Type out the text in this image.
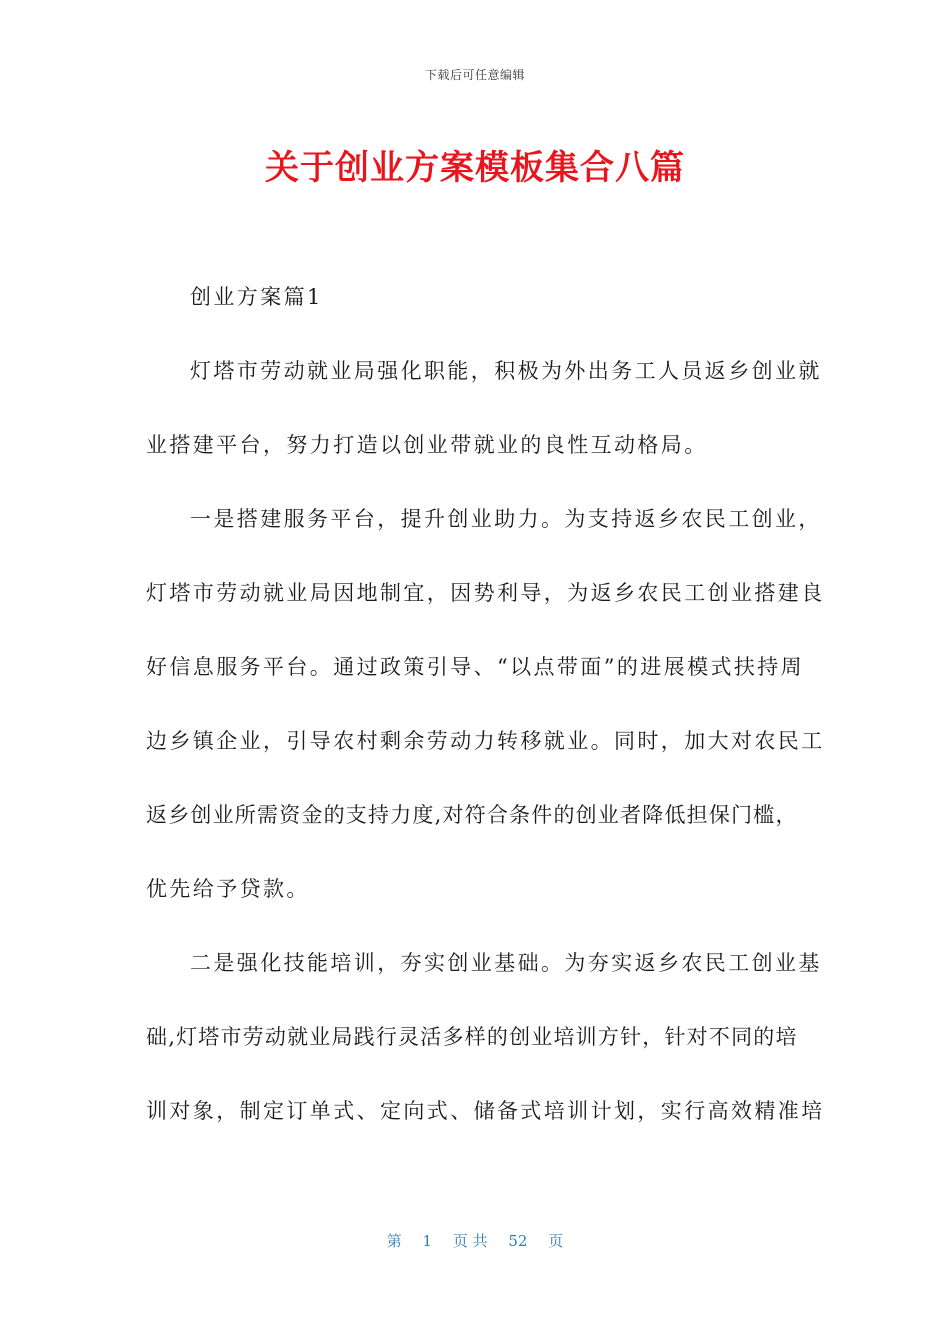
下载后可任意编辑
关于创业方案模板集合八篇
创业方案篇1
灯塔市劳动就业局强化职能，积极为外出务工人员返乡创业就
业搭建平台，努力打造以创业带就业的良性互动格局。
一是搭建服务平台，提升创业助力。为支持返乡农民工创业，
灯塔市劳动就业局因地制宜，因势利导，为返乡农民工创业搭建良
好信息服务平台。通过政策引导、“以点带面”的进展模式扶持周
边乡镇企业，引导农村剩余劳动力转移就业。同时，加大对农民工
返乡创业所需资金的支持力度,对符合条件的创业者降低担保门槛，
优先给予贷款。
二是强化技能培训，夯实创业基础。为夯实返乡农民工创业基
础,灯塔市劳动就业局践行灵活多样的创业培训方针，针对不同的培
训对象，制定订单式、定向式、储备式培训计划，实行高效精准培
第 1 页 共 52 页
